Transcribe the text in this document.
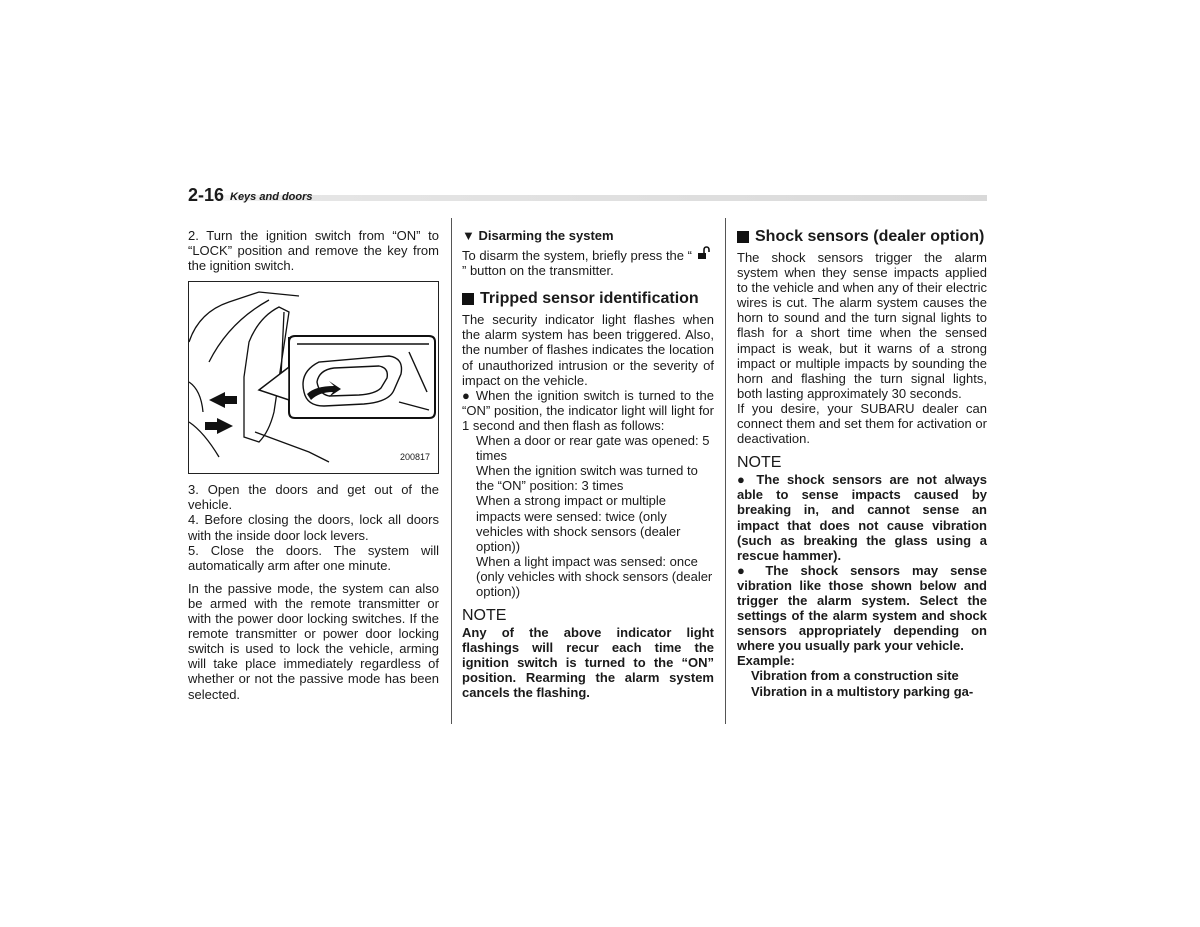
2-16 Keys and doors

2. Turn the ignition switch from “ON” to “LOCK” position and remove the key from the ignition switch.

200817

3. Open the doors and get out of the vehicle.

4. Before closing the doors, lock all doors with the inside door lock levers.

5. Close the doors. The system will automatically arm after one minute.

In the passive mode, the system can also be armed with the remote transmitter or with the power door locking switches. If the remote transmitter or power door locking switch is used to lock the vehicle, arming will take place immediately regardless of whether or not the passive mode has been selected.

▼ Disarming the system

To disarm the system, briefly press the “” button on the transmitter.

Tripped sensor identification

The security indicator light flashes when the alarm system has been triggered. Also, the number of flashes indicates the location of unauthorized intrusion or the severity of impact on the vehicle.

● When the ignition switch is turned to the “ON” position, the indicator light will light for 1 second and then flash as follows:

When a door or rear gate was opened: 5 times

When the ignition switch was turned to the “ON” position: 3 times

When a strong impact or multiple impacts were sensed: twice (only vehicles with shock sensors (dealer option))

When a light impact was sensed: once (only vehicles with shock sensors (dealer option))

NOTE

Any of the above indicator light flashings will recur each time the ignition switch is turned to the “ON” position. Rearming the alarm system cancels the flashing.

Shock sensors (dealer option)

The shock sensors trigger the alarm system when they sense impacts applied to the vehicle and when any of their electric wires is cut. The alarm system causes the horn to sound and the turn signal lights to flash for a short time when the sensed impact is weak, but it warns of a strong impact or multiple impacts by sounding the horn and flashing the turn signal lights, both lasting approximately 30 seconds.

If you desire, your SUBARU dealer can connect them and set them for activation or deactivation.

NOTE

● The shock sensors are not always able to sense impacts caused by breaking in, and cannot sense an impact that does not cause vibration (such as breaking the glass using a rescue hammer).

● The shock sensors may sense vibration like those shown below and trigger the alarm system. Select the settings of the alarm system and shock sensors appropriately depending on where you usually park your vehicle.

Example:

Vibration from a construction site

Vibration in a multistory parking ga-
